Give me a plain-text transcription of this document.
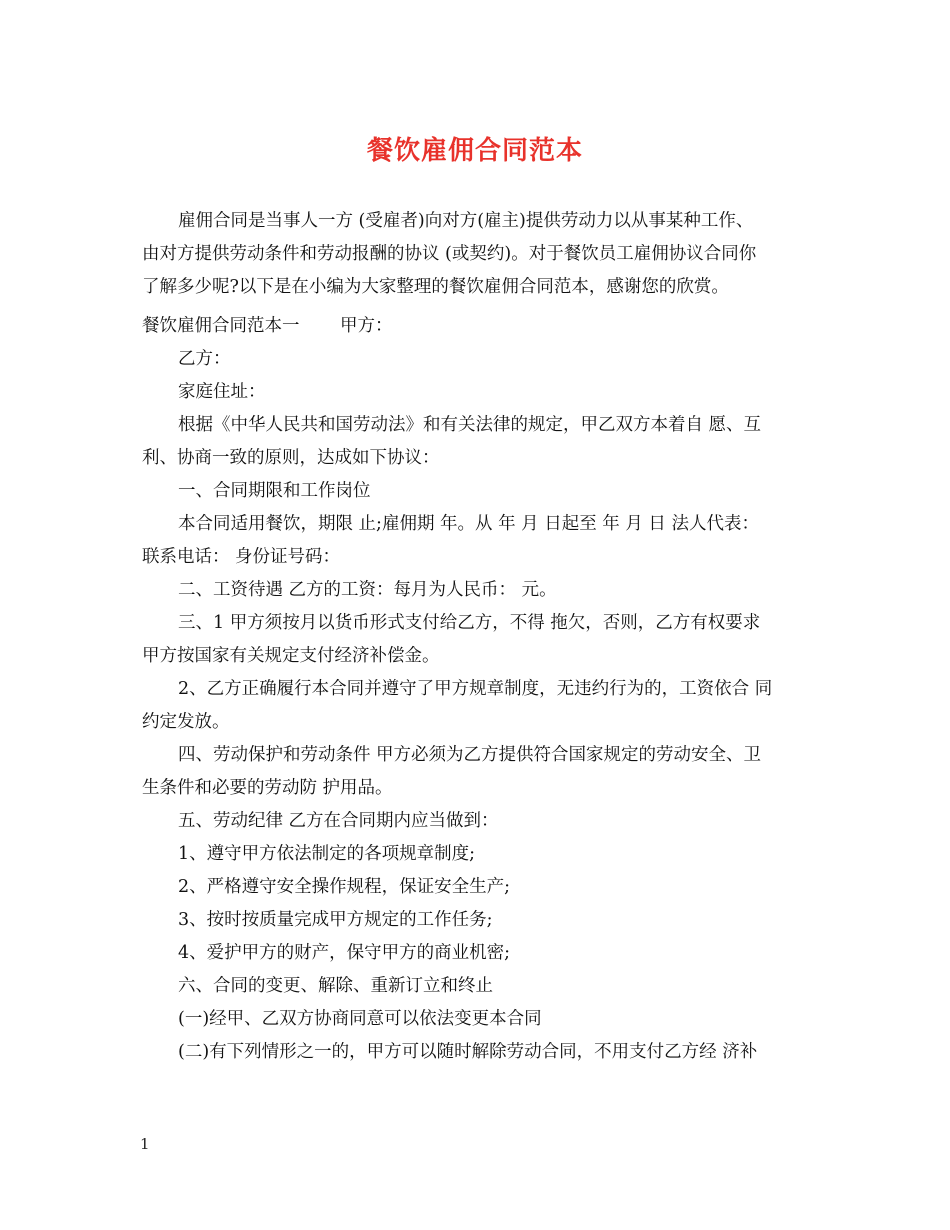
餐饮雇佣合同范本
雇佣合同是当事人一方 (受雇者)向对方(雇主)提供劳动力以从事某种工作、
由对方提供劳动条件和劳动报酬的协议 (或契约)。对于餐饮员工雇佣协议合同你
了解多少呢?以下是在小编为大家整理的餐饮雇佣合同范本，感谢您的欣赏。
餐饮雇佣合同范本一　　 甲方：
乙方：
家庭住址：
根据《中华人民共和国劳动法》和有关法律的规定，甲乙双方本着自 愿、互
利、协商一致的原则，达成如下协议：
一、合同期限和工作岗位
本合同适用餐饮，期限 止;雇佣期 年。从 年 月 日起至 年 月 日 法人代表：
联系电话： 身份证号码：
二、工资待遇 乙方的工资：每月为人民币： 元。
三、1 甲方须按月以货币形式支付给乙方，不得 拖欠，否则，乙方有权要求
甲方按国家有关规定支付经济补偿金。
2、乙方正确履行本合同并遵守了甲方规章制度，无违约行为的，工资依合 同
约定发放。
四、劳动保护和劳动条件 甲方必须为乙方提供符合国家规定的劳动安全、卫
生条件和必要的劳动防 护用品。
五、劳动纪律 乙方在合同期内应当做到：
1、遵守甲方依法制定的各项规章制度;
2、严格遵守安全操作规程，保证安全生产;
3、按时按质量完成甲方规定的工作任务;
4、爱护甲方的财产，保守甲方的商业机密;
六、合同的变更、解除、重新订立和终止
(一)经甲、乙双方协商同意可以依法变更本合同
(二)有下列情形之一的，甲方可以随时解除劳动合同，不用支付乙方经 济补
1
